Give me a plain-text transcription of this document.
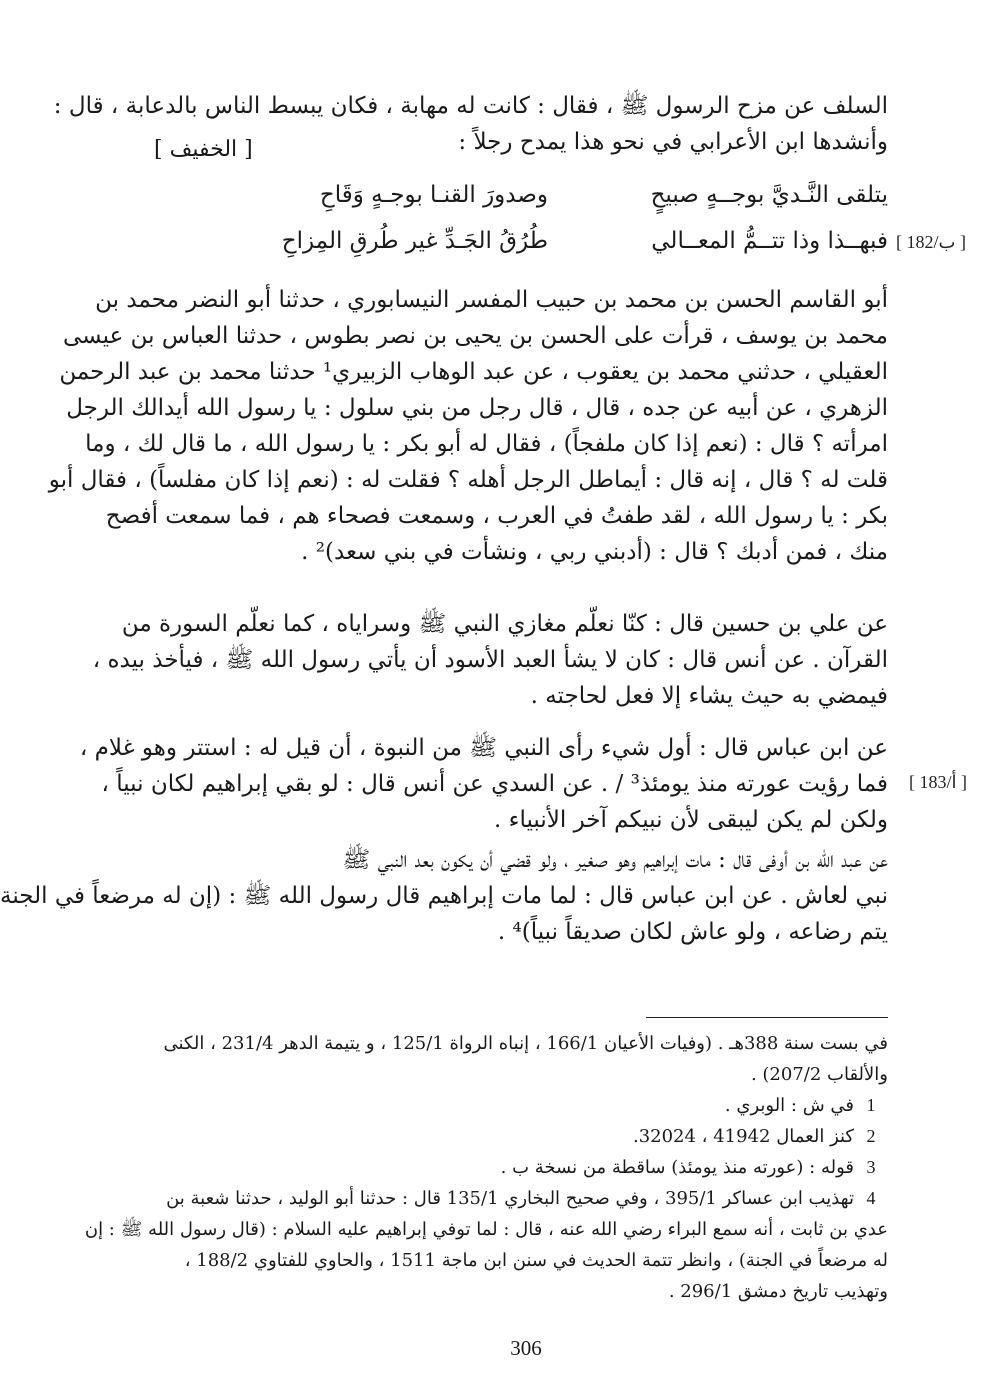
السلف عن مزح الرسول ﷺ ، فقال : كانت له مهابة ، فكان يبسط الناس بالدعابة ، قال :
وأنشدها ابن الأعرابي في نحو هذا يمدح رجلاً :
[ الخفيف ]
يتلقى النَّـديَّ بوجــهٍ صبيحٍ
وصدورَ القنـا بوجـهٍ وَقَاحِ
فبهــذا وذا تتــمُّ المعــالي
طُرُقُ الجَـدِّ غير طُرقِ المِزاحِ	[ 182/ب ]
أبو القاسم الحسن بن محمد بن حبيب المفسر النيسابوري ، حدثنا أبو النضر محمد بن
محمد بن يوسف ، قرأت على الحسن بن يحيى بن نصر بطوس ، حدثنا العباس بن عيسى
العقيلي ، حدثني محمد بن يعقوب ، عن عبد الوهاب الزبيري¹ حدثنا محمد بن عبد الرحمن
الزهري ، عن أبيه عن جده ، قال ، قال رجل من بني سلول : يا رسول الله أيدالك الرجل
امرأته ؟ قال : (نعم إذا كان ملفجاً) ، فقال له أبو بكر : يا رسول الله ، ما قال لك ، وما
قلت له ؟ قال ، إنه قال : أيماطل الرجل أهله ؟ فقلت له : (نعم إذا كان مفلساً) ، فقال أبو
بكر : يا رسول الله ، لقد طفتُ في العرب ، وسمعت فصحاء هم ، فما سمعت أفصح
منك ، فمن أدبك ؟ قال : (أدبني ربي ، ونشأت في بني سعد)² .
عن علي بن حسين قال : كنّا نعلّم مغازي النبي ﷺ وسراياه ، كما نعلّم السورة من
القرآن . عن أنس قال : كان لا يشأ العبد الأسود أن يأتي رسول الله ﷺ ، فيأخذ بيده ،
فيمضي به حيث يشاء إلا فعل لحاجته .
عن ابن عباس قال : أول شيء رأى النبي ﷺ من النبوة ، أن قيل له : استتر وهو غلام ،
فما رؤيت عورته منذ يومئذ³ / . عن السدي عن أنس قال : لو بقي إبراهيم لكان نبياً ،
ولكن لم يكن ليبقى لأن نبيكم آخر الأنبياء .
[ 183/أ ]
عن عبد الله بن أوفى قال : مات إبراهيم وهو صغير ، ولو قضي أن يكون بعد النبي ﷺ
نبي لعاش . عن ابن عباس قال : لما مات إبراهيم قال رسول الله ﷺ : (إن له مرضعاً في الجنة
يتم رضاعه ، ولو عاش لكان صديقاً نبياً)⁴ .
في بست سنة 388هـ . (وفيات الأعيان 166/1 ، إنباه الرواة 125/1 ، و يتيمة الدهر 231/4 ، الكنى
والألقاب 207/2) .
1في ش : الوبري .
2كنز العمال 41942 ، 32024.
3قوله : (عورته منذ يومئذ) ساقطة من نسخة ب .
4تهذيب ابن عساكر 395/1 ، وفي صحيح البخاري 135/1 قال : حدثنا أبو الوليد ، حدثنا شعبة بن
عدي بن ثابت ، أنه سمع البراء رضي الله عنه ، قال : لما توفي إبراهيم عليه السلام : (قال رسول الله ﷺ : إن
له مرضعاً في الجنة) ، وانظر تتمة الحديث في سنن ابن ماجة 1511 ، والحاوي للفتاوي 188/2 ،
وتهذيب تاريخ دمشق 296/1 .
306
